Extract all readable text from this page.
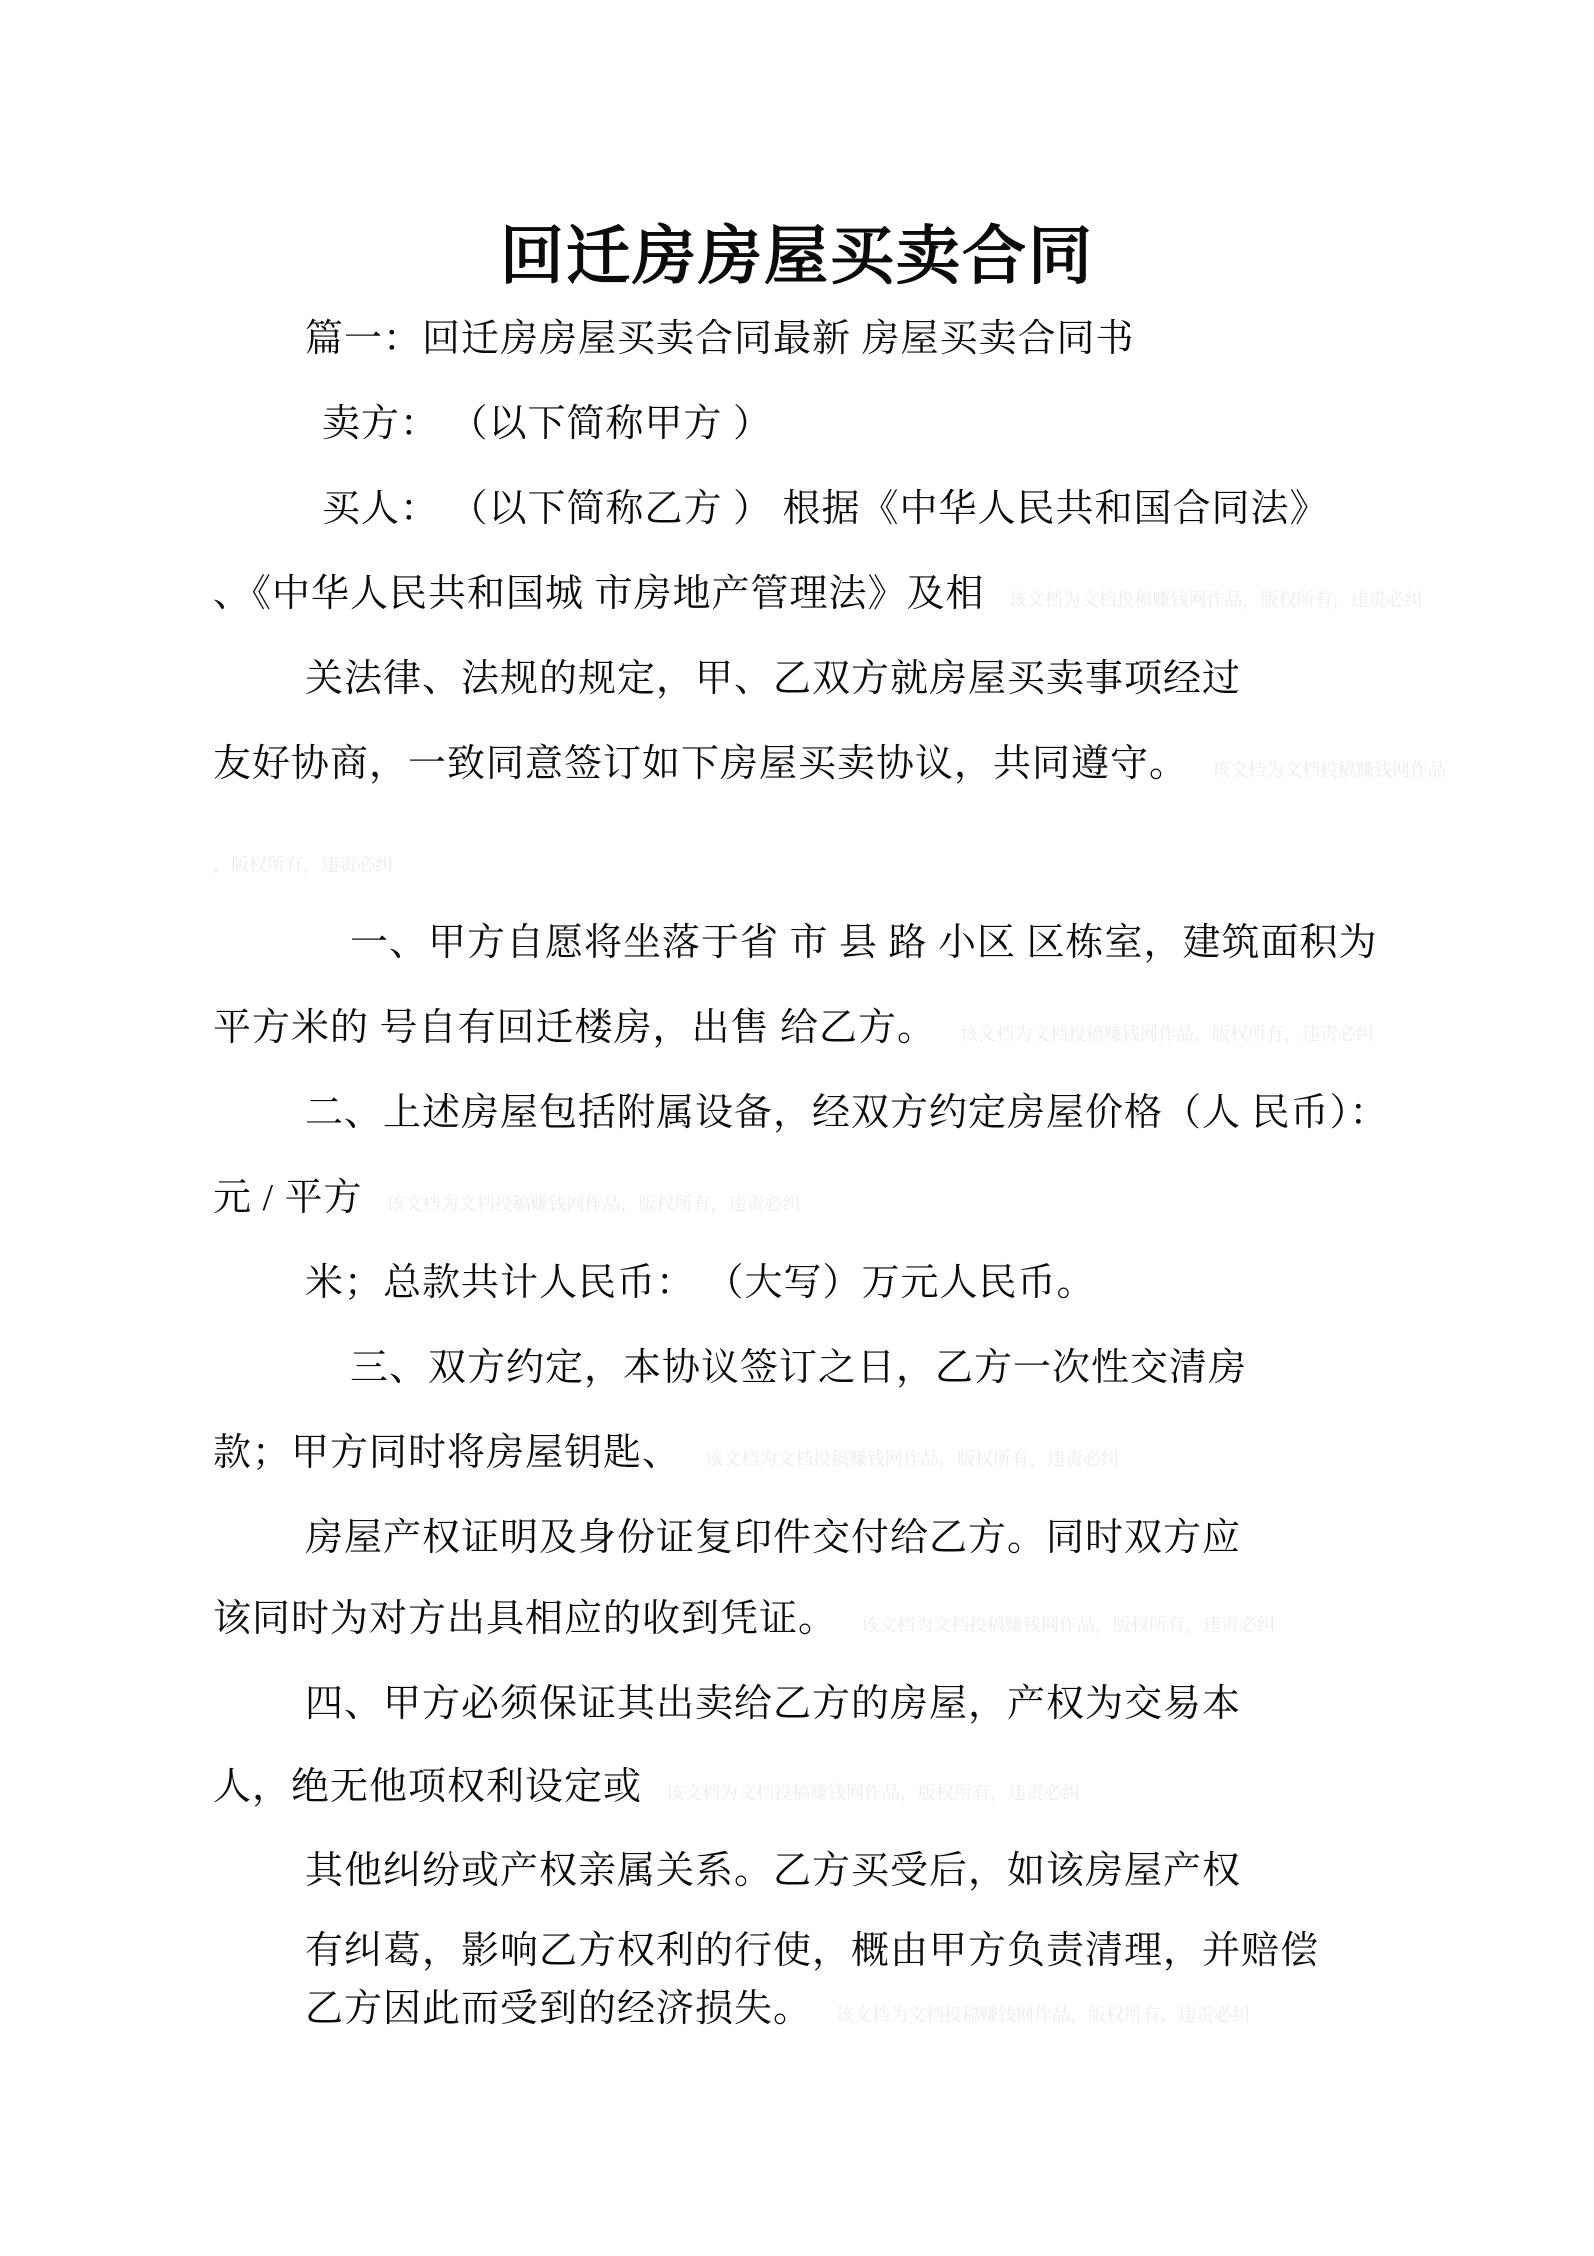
回迁房房屋买卖合同
篇一：回迁房房屋买卖合同最新 房屋买卖合同书
卖方： （以下简称甲方 ）
买人： （以下简称乙方 ） 根据《中华人民共和国合同法》
、《中华人民共和国城 市房地产管理法》及相 该文档为文档投稿赚钱网作品，版权所有，违责必纠
关法律、法规的规定，甲、乙双方就房屋买卖事项经过
友好协商，一致同意签订如下房屋买卖协议，共同遵守。 该文档为文档投稿赚钱网作品
，版权所有，违责必纠
一、甲方自愿将坐落于省 市 县 路 小区 区栋室，建筑面积为
平方米的 号自有回迁楼房，出售 给乙方。 该文档为文档投稿赚钱网作品，版权所有，违责必纠
二、上述房屋包括附属设备，经双方约定房屋价格（人 民币）：
元 / 平方 该文档为文档投稿赚钱网作品，版权所有，违责必纠
米；总款共计人民币： （大写）万元人民币。
三、双方约定，本协议签订之日，乙方一次性交清房
款；甲方同时将房屋钥匙、 该文档为文档投稿赚钱网作品，版权所有，违责必纠
房屋产权证明及身份证复印件交付给乙方。同时双方应
该同时为对方出具相应的收到凭证。 该文档为文档投稿赚钱网作品，版权所有，违责必纠
四、甲方必须保证其出卖给乙方的房屋，产权为交易本
人，绝无他项权利设定或 该文档为文档投稿赚钱网作品，版权所有，违责必纠
其他纠纷或产权亲属关系。乙方买受后，如该房屋产权
有纠葛，影响乙方权利的行使，概由甲方负责清理，并赔偿
乙方因此而受到的经济损失。 该文档为文档投稿赚钱网作品，版权所有，违责必纠
